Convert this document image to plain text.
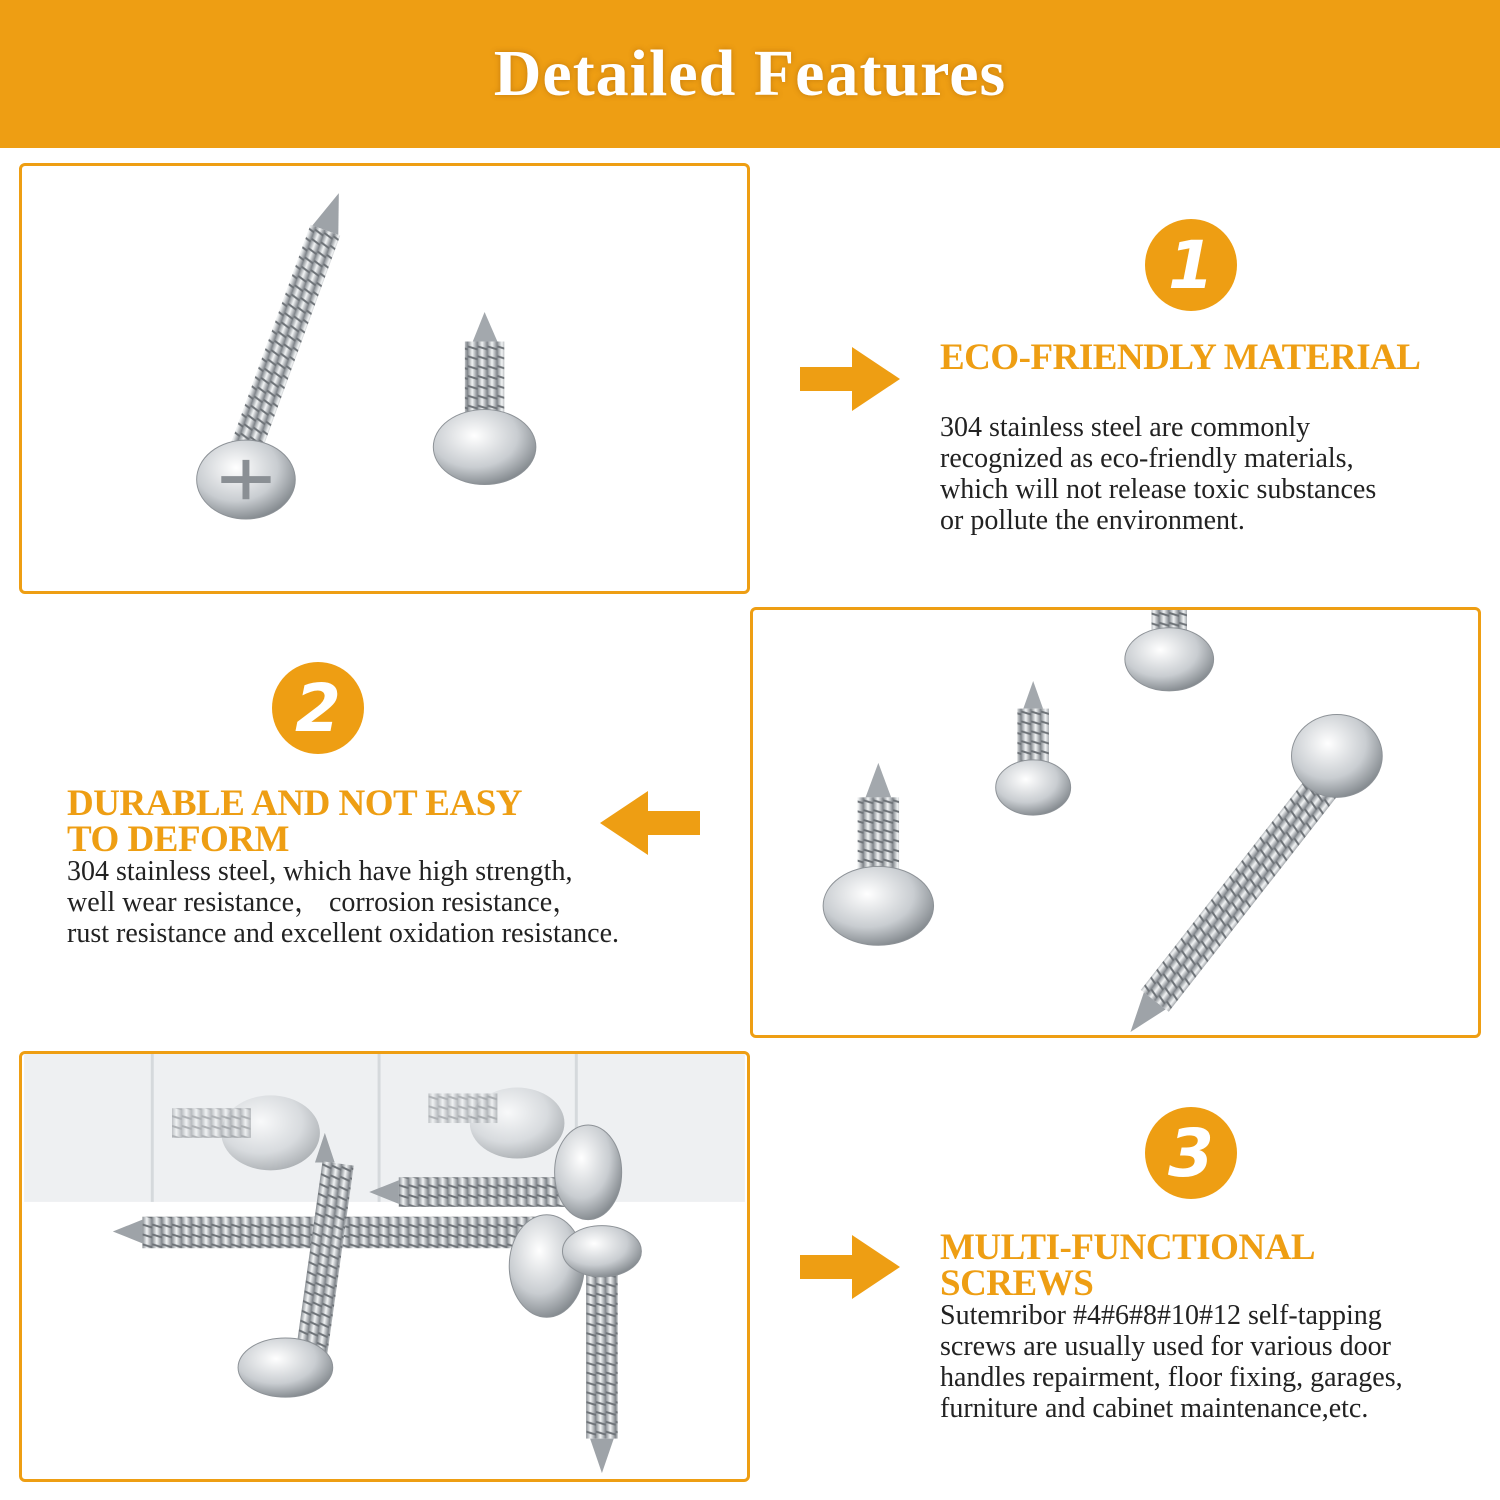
Detailed Features
1
ECO-FRIENDLY MATERIAL

304 stainless steel are commonly
recognized as eco-friendly materials,
which will not release toxic substances
or pollute the environment.

2
DURABLE AND NOT EASY
TO DEFORM

304 stainless steel, which have high strength,
well wear resistance， corrosion resistance，
rust resistance and excellent oxidation resistance.

3
MULTI-FUNCTIONAL
SCREWS

Sutemribor #4#6#8#10#12 self-tapping
screws are usually used for various door
handles repairment, floor fixing, garages,
furniture and cabinet maintenance,etc.
